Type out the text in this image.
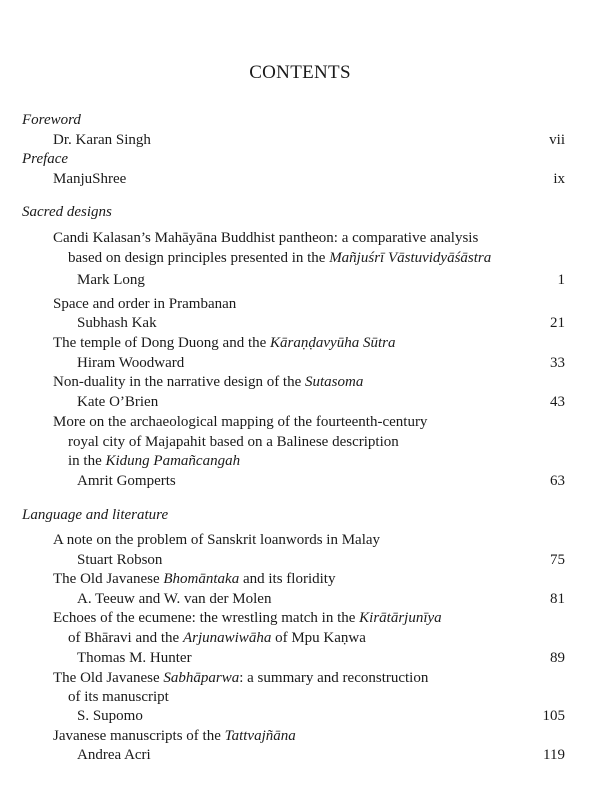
CONTENTS
Foreword
Dr. Karan Singh	vii
Preface
ManjuShree	ix
Sacred designs
Candi Kalasan’s Mahāyāna Buddhist pantheon: a comparative analysis
based on design principles presented in the Mañjuśrī Vāstuvidyāśāstra
Mark Long	1
Space and order in Prambanan
Subhash Kak	21
The temple of Dong Duong and the Kāraṇḍavyūha Sūtra
Hiram Woodward	33
Non-duality in the narrative design of the Sutasoma
Kate O’Brien	43
More on the archaeological mapping of the fourteenth-century
royal city of Majapahit based on a Balinese description
in the Kidung Pamañcangah
Amrit Gomperts	63
Language and literature
A note on the problem of Sanskrit loanwords in Malay
Stuart Robson	75
The Old Javanese Bhomāntaka and its floridity
A. Teeuw and W. van der Molen	81
Echoes of the ecumene: the wrestling match in the Kirātārjunīya
of Bhāravi and the Arjunawiwāha of Mpu Kaṇwa
Thomas M. Hunter	89
The Old Javanese Sabhāparwa: a summary and reconstruction
of its manuscript
S. Supomo	105
Javanese manuscripts of the Tattvajñāna
Andrea Acri	119
